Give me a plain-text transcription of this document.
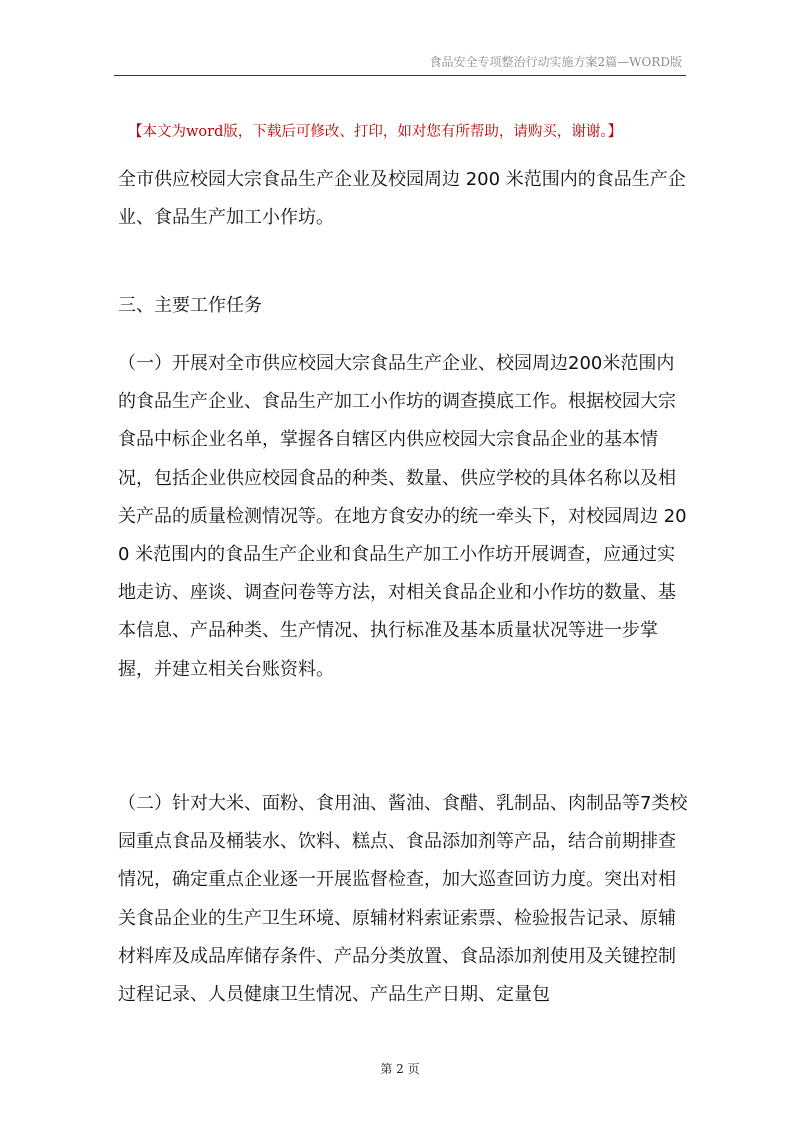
食品安全专项整治行动实施方案2篇—WORD版
【本文为word版，下载后可修改、打印，如对您有所帮助，请购买，谢谢。】
全市供应校园大宗食品生产企业及校园周边 200 米范围内的食品生产企业、食品生产加工小作坊。
三、主要工作任务
（一）开展对全市供应校园大宗食品生产企业、校园周边200米范围内的食品生产企业、食品生产加工小作坊的调查摸底工作。根据校园大宗食品中标企业名单，掌握各自辖区内供应校园大宗食品企业的基本情况，包括企业供应校园食品的种类、数量、供应学校的具体名称以及相关产品的质量检测情况等。在地方食安办的统一牵头下，对校园周边 200 米范围内的食品生产企业和食品生产加工小作坊开展调查，应通过实地走访、座谈、调查问卷等方法，对相关食品企业和小作坊的数量、基本信息、产品种类、生产情况、执行标准及基本质量状况等进一步掌握，并建立相关台账资料。
（二）针对大米、面粉、食用油、酱油、食醋、乳制品、肉制品等7类校园重点食品及桶装水、饮料、糕点、食品添加剂等产品，结合前期排查情况，确定重点企业逐一开展监督检查，加大巡查回访力度。突出对相关食品企业的生产卫生环境、原辅材料索证索票、检验报告记录、原辅材料库及成品库储存条件、产品分类放置、食品添加剂使用及关键控制过程记录、人员健康卫生情况、产品生产日期、定量包
第 2 页
